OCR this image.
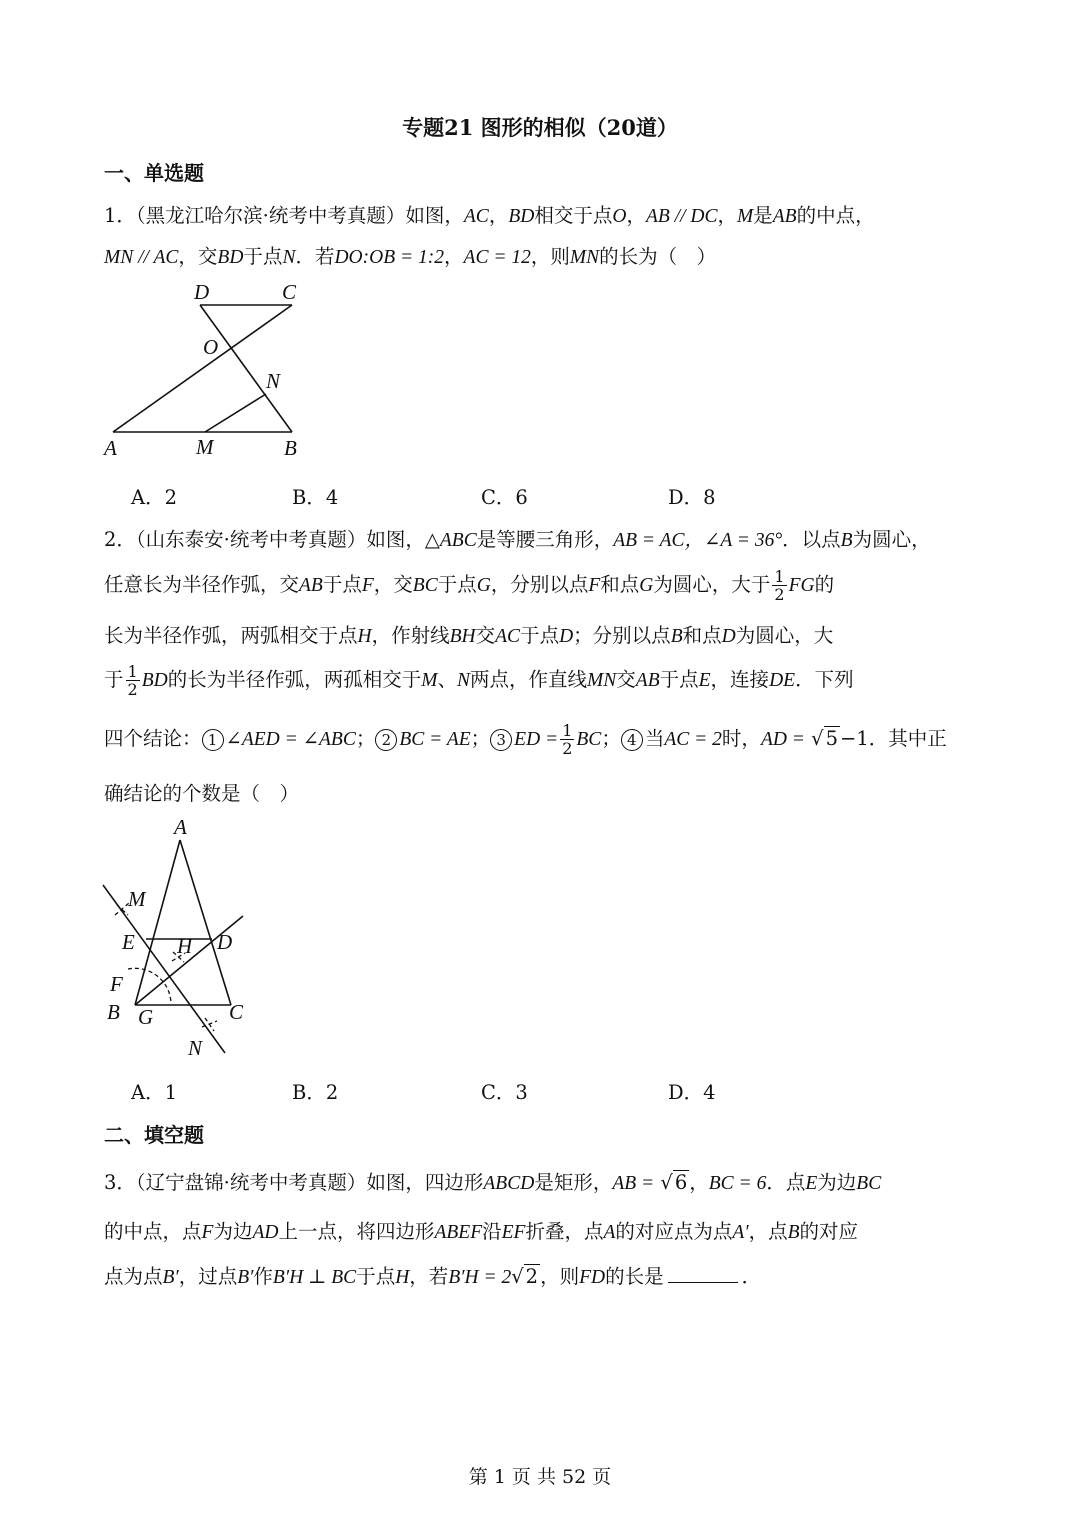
专题21 图形的相似（20道）
一、单选题
1．（黑龙江哈尔滨·统考中考真题）如图，AC，BD相交于点O，AB // DC，M是AB的中点，
MN // AC，交BD于点N．若DO:OB = 1:2，AC = 12，则MN的长为（　）
D	C
O
N
A	M	B
A．2	B．4	C．6	D．8
2．（山东泰安·统考中考真题）如图，△ABC是等腰三角形，AB = AC，∠A = 36°．以点B为圆心，
任意长为半径作弧，交AB于点F，交BC于点G，分别以点F和点G为圆心，大于 $\frac{1}{2}$ FG的
长为半径作弧，两弧相交于点H，作射线BH交AC于点D；分别以点B和点D为圆心，大
于 $\frac{1}{2}$ BD的长为半径作弧，两孤相交于M、N两点，作直线MN交AB于点E，连接DE．下列
四个结论： 1 ∠AED = ∠ABC； 2 BC = AE； 3 ED = $\frac{1}{2}$ BC； 4 当AC = 2时，AD = √ 5 −1．其中正
确结论的个数是（　）
A
M
E H D
F
B G	C
N
A．1	B．2	C．3	D．4
二、填空题
3．（辽宁盘锦·统考中考真题）如图，四边形ABCD是矩形，AB = √ 6 ，BC = 6．点E为边BC
的中点，点F为边AD上一点，将四边形ABEF沿EF折叠，点A的对应点为点A′，点B的对应
点为点B′，过点B′作B′H ⊥ BC于点H，若B′H = 2√ 2 ，则FD的长是	．
第 1 页 共 52 页
